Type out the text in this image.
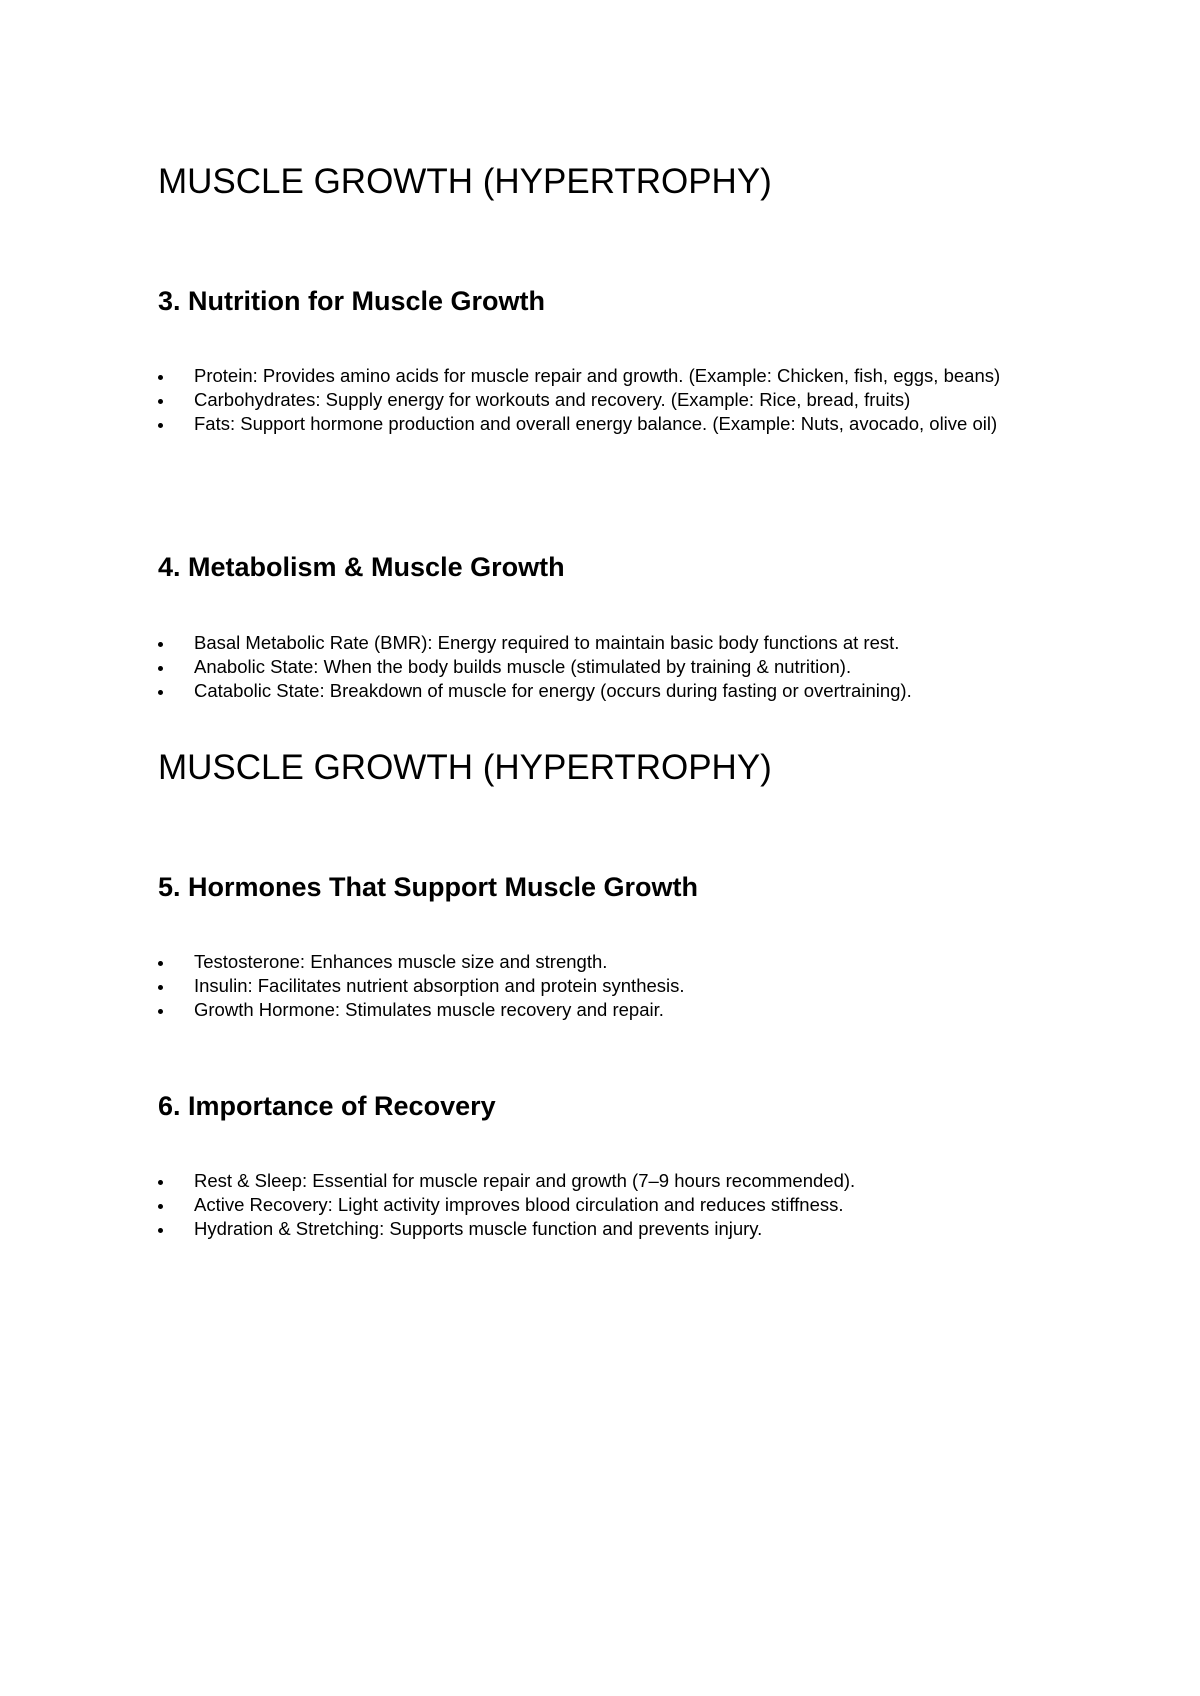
MUSCLE GROWTH (HYPERTROPHY)
3. Nutrition for Muscle Growth
Protein: Provides amino acids for muscle repair and growth. (Example: Chicken, fish, eggs, beans)
Carbohydrates: Supply energy for workouts and recovery. (Example: Rice, bread, fruits)
Fats: Support hormone production and overall energy balance. (Example: Nuts, avocado, olive oil)
4. Metabolism & Muscle Growth
Basal Metabolic Rate (BMR): Energy required to maintain basic body functions at rest.
Anabolic State: When the body builds muscle (stimulated by training & nutrition).
Catabolic State: Breakdown of muscle for energy (occurs during fasting or overtraining).
MUSCLE GROWTH (HYPERTROPHY)
5. Hormones That Support Muscle Growth
Testosterone: Enhances muscle size and strength.
Insulin: Facilitates nutrient absorption and protein synthesis.
Growth Hormone: Stimulates muscle recovery and repair.
6. Importance of Recovery
Rest & Sleep: Essential for muscle repair and growth (7–9 hours recommended).
Active Recovery: Light activity improves blood circulation and reduces stiffness.
Hydration & Stretching: Supports muscle function and prevents injury.
